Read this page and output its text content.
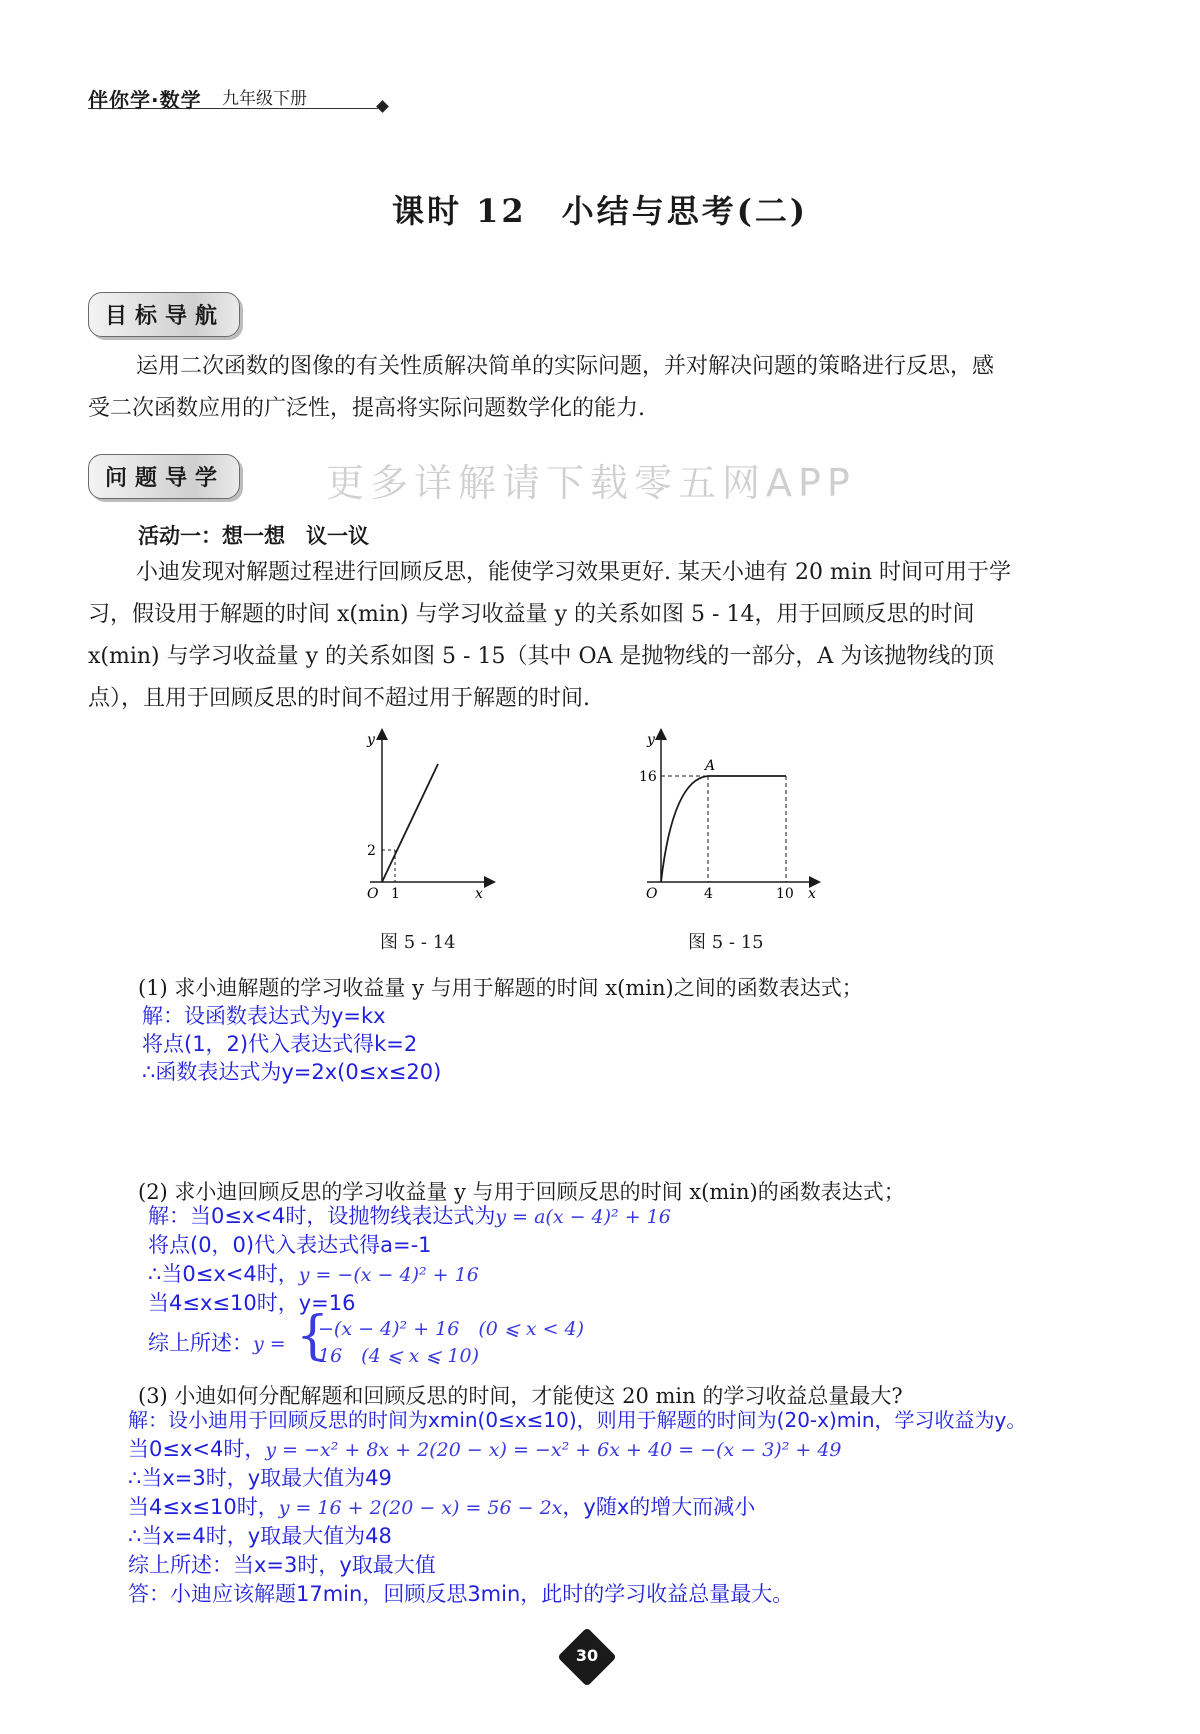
伴你学·数学 九年级下册
课时 12　小结与思考(二)
目标导航
运用二次函数的图像的有关性质解决简单的实际问题，并对解决问题的策略进行反思，感
受二次函数应用的广泛性，提高将实际问题数学化的能力.
问题导学	更多详解请下载零五网APP
活动一：想一想　议一议
小迪发现对解题过程进行回顾反思，能使学习效果更好. 某天小迪有 20 min 时间可用于学
习，假设用于解题的时间 x(min) 与学习收益量 y 的关系如图 5 - 14，用于回顾反思的时间
x(min) 与学习收益量 y 的关系如图 5 - 15（其中 OA 是抛物线的一部分，A 为该抛物线的顶
点），且用于回顾反思的时间不超过用于解题的时间.
y
x
O
2
1
图 5 - 14
y
x
O
16
4	10
A
图 5 - 15
(1) 求小迪解题的学习收益量 y 与用于解题的时间 x(min)之间的函数表达式；
解：设函数表达式为y=kx
将点(1，2)代入表达式得k=2
∴函数表达式为y=2x(0≤x≤20)
(2) 求小迪回顾反思的学习收益量 y 与用于回顾反思的时间 x(min)的函数表达式；
解：当0≤x<4时，设抛物线表达式为y = a(x − 4)² + 16
将点(0，0)代入表达式得a=-1
∴当0≤x<4时，y = −(x − 4)² + 16
当4≤x≤10时，y=16
综上所述：y = {
−(x − 4)² + 16　(0 ⩽ x < 4)
16　(4 ⩽ x ⩽ 10)
(3) 小迪如何分配解题和回顾反思的时间，才能使这 20 min 的学习收益总量最大?
解：设小迪用于回顾反思的时间为xmin(0≤x≤10)，则用于解题的时间为(20-x)min，学习收益为y。
当0≤x<4时，y = −x² + 8x + 2(20 − x) = −x² + 6x + 40 = −(x − 3)² + 49
∴当x=3时，y取最大值为49
当4≤x≤10时，y = 16 + 2(20 − x) = 56 − 2x，y随x的增大而减小
∴当x=4时，y取最大值为48
综上所述：当x=3时，y取最大值
答：小迪应该解题17min，回顾反思3min，此时的学习收益总量最大。
30
